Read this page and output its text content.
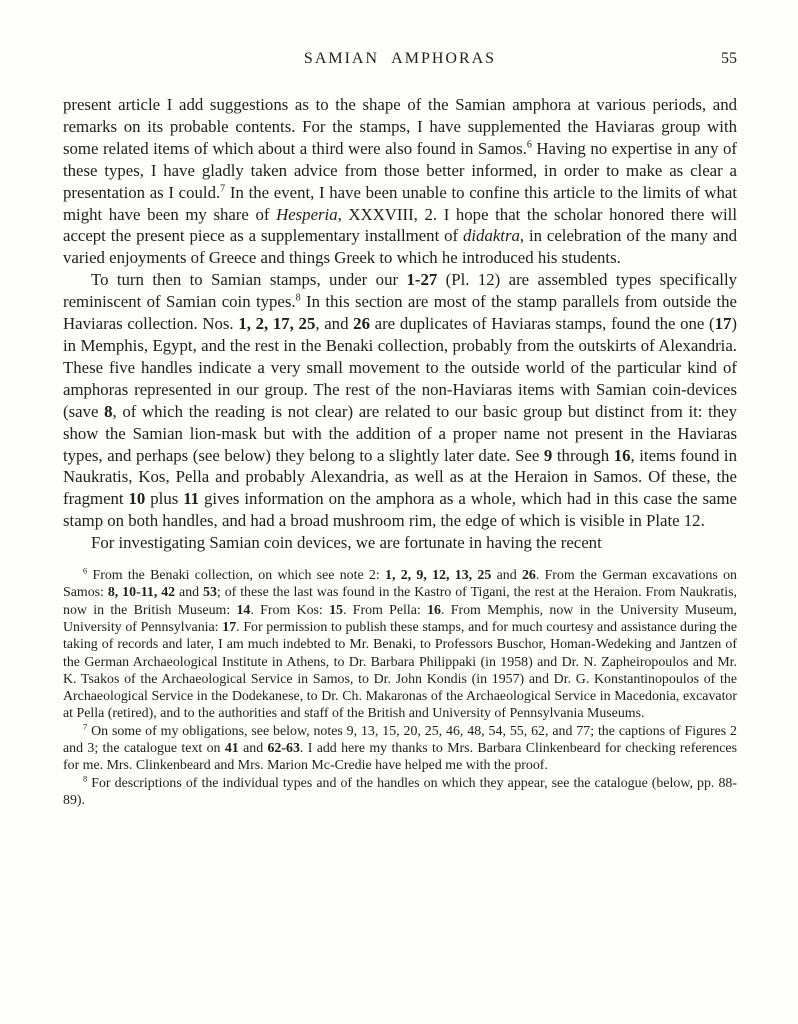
SAMIAN AMPHORAS	55

present article I add suggestions as to the shape of the Samian amphora at various periods, and remarks on its probable contents. For the stamps, I have supplemented the Haviaras group with some related items of which about a third were also found in Samos.$^6$ Having no expertise in any of these types, I have gladly taken advice from those better informed, in order to make as clear a presentation as I could.$^7$ In the event, I have been unable to confine this article to the limits of what might have been my share of Hesperia, XXXVIII, 2. I hope that the scholar honored there will accept the present piece as a supplementary installment of didaktra, in celebration of the many and varied enjoyments of Greece and things Greek to which he introduced his students.

To turn then to Samian stamps, under our 1-27 (Pl. 12) are assembled types specifically reminiscent of Samian coin types.$^8$ In this section are most of the stamp parallels from outside the Haviaras collection. Nos. 1, 2, 17, 25, and 26 are duplicates of Haviaras stamps, found the one (17) in Memphis, Egypt, and the rest in the Benaki collection, probably from the outskirts of Alexandria. These five handles indicate a very small movement to the outside world of the particular kind of amphoras represented in our group. The rest of the non-Haviaras items with Samian coin-devices (save 8, of which the reading is not clear) are related to our basic group but distinct from it: they show the Samian lion-mask but with the addition of a proper name not present in the Haviaras types, and perhaps (see below) they belong to a slightly later date. See 9 through 16, items found in Naukratis, Kos, Pella and probably Alexandria, as well as at the Heraion in Samos. Of these, the fragment 10 plus 11 gives information on the amphora as a whole, which had in this case the same stamp on both handles, and had a broad mushroom rim, the edge of which is visible in Plate 12.

For investigating Samian coin devices, we are fortunate in having the recent

$^6$ From the Benaki collection, on which see note 2: 1, 2, 9, 12, 13, 25 and 26. From the German excavations on Samos: 8, 10-11, 42 and 53; of these the last was found in the Kastro of Tigani, the rest at the Heraion. From Naukratis, now in the British Museum: 14. From Kos: 15. From Pella: 16. From Memphis, now in the University Museum, University of Pennsylvania: 17. For permission to publish these stamps, and for much courtesy and assistance during the taking of records and later, I am much indebted to Mr. Benaki, to Professors Buschor, Homan-Wedeking and Jantzen of the German Archaeological Institute in Athens, to Dr. Barbara Philippaki (in 1958) and Dr. N. Zapheiropoulos and Mr. K. Tsakos of the Archaeological Service in Samos, to Dr. John Kondis (in 1957) and Dr. G. Konstantinopoulos of the Archaeological Service in the Dodekanese, to Dr. Ch. Makaronas of the Archaeological Service in Macedonia, excavator at Pella (retired), and to the authorities and staff of the British and University of Pennsylvania Museums.

$^7$ On some of my obligations, see below, notes 9, 13, 15, 20, 25, 46, 48, 54, 55, 62, and 77; the captions of Figures 2 and 3; the catalogue text on 41 and 62-63. I add here my thanks to Mrs. Barbara Clinkenbeard for checking references for me. Mrs. Clinkenbeard and Mrs. Marion Mc-Credie have helped me with the proof.

$^8$ For descriptions of the individual types and of the handles on which they appear, see the catalogue (below, pp. 88-89).
